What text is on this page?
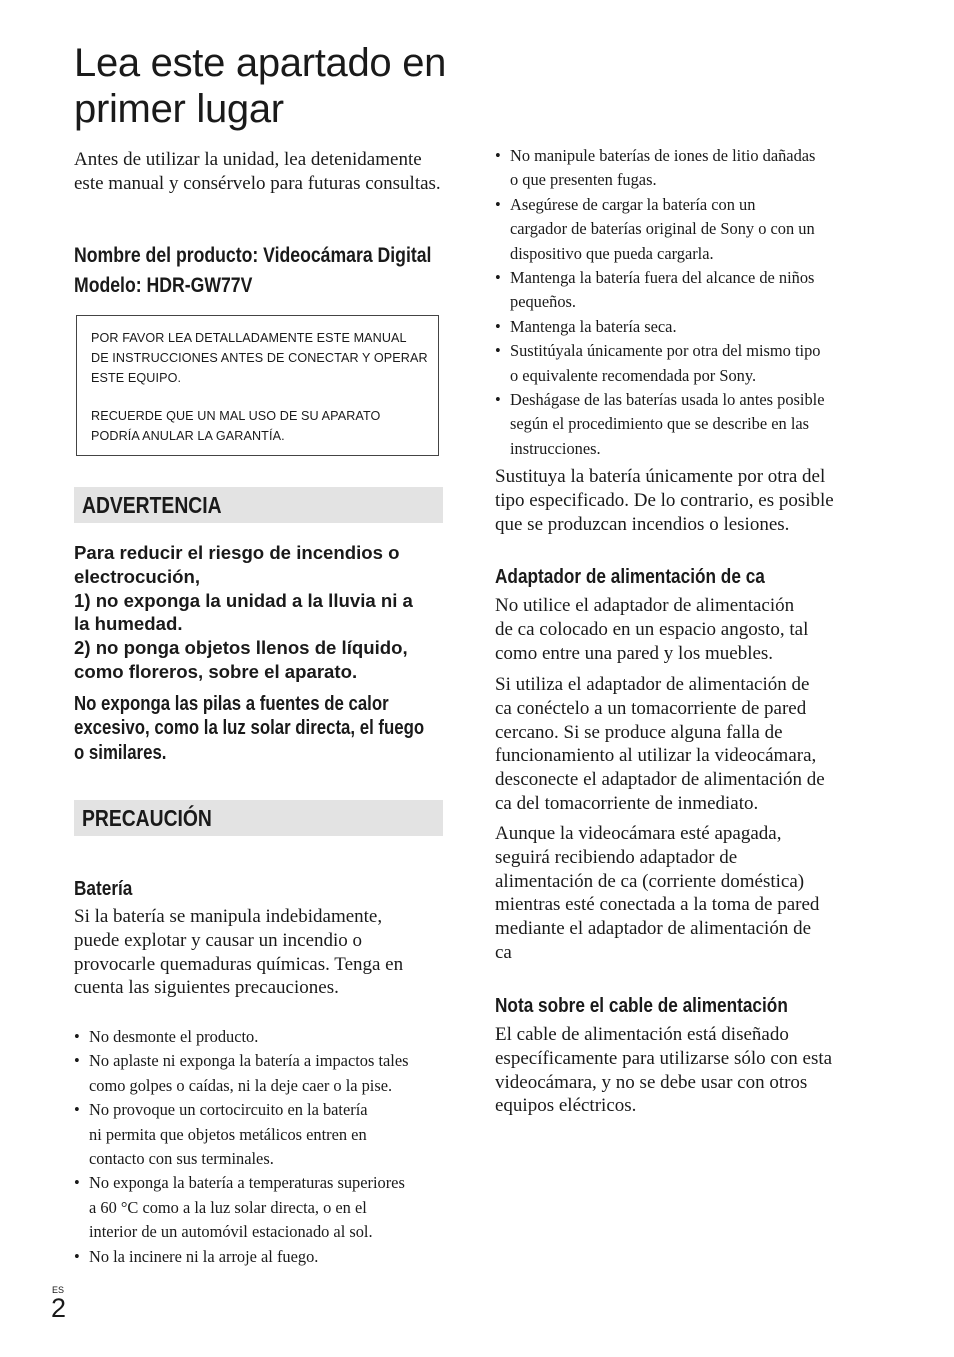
Lea este apartado en
primer lugar
Antes de utilizar la unidad, lea detenidamente este manual y consérvelo para futuras consultas.
Nombre del producto: Videocámara Digital
Modelo: HDR-GW77V

POR FAVOR LEA DETALLADAMENTE ESTE MANUAL

DE INSTRUCCIONES ANTES DE CONECTAR Y OPERAR

ESTE EQUIPO.

RECUERDE QUE UN MAL USO DE SU APARATO

PODRÍA ANULAR LA GARANTÍA.

ADVERTENCIA
Para reducir el riesgo de incendios o
electrocución,
1) no exponga la unidad a la lluvia ni a
la humedad.
2) no ponga objetos llenos de líquido,
como floreros, sobre el aparato.
No exponga las pilas a fuentes de calor
excesivo, como la luz solar directa, el fuego
o similares.
PRECAUCIÓN
Batería
Si la batería se manipula indebidamente,
puede explotar y causar un incendio o
provocarle quemaduras químicas. Tenga en
cuenta las siguientes precauciones.
• No desmonte el producto.
• No aplaste ni exponga la batería a impactos tales
como golpes o caídas, ni la deje caer o la pise.
• No provoque un cortocircuito en la batería
ni permita que objetos metálicos entren en
contacto con sus terminales.
• No exponga la batería a temperaturas superiores
a 60 °C como a la luz solar directa, o en el
interior de un automóvil estacionado al sol.
• No la incinere ni la arroje al fuego.
• No manipule baterías de iones de litio dañadas
o que presenten fugas.
• Asegúrese de cargar la batería con un
cargador de baterías original de Sony o con un
dispositivo que pueda cargarla.
• Mantenga la batería fuera del alcance de niños
pequeños.
• Mantenga la batería seca.
• Sustitúyala únicamente por otra del mismo tipo
o equivalente recomendada por Sony.
• Deshágase de las baterías usada lo antes posible
según el procedimiento que se describe en las
instrucciones.
Sustituya la batería únicamente por otra del
tipo especificado. De lo contrario, es posible
que se produzcan incendios o lesiones.
Adaptador de alimentación de ca
No utilice el adaptador de alimentación
de ca colocado en un espacio angosto, tal
como entre una pared y los muebles.
Si utiliza el adaptador de alimentación de
ca conéctelo a un tomacorriente de pared
cercano. Si se produce alguna falla de
funcionamiento al utilizar la videocámara,
desconecte el adaptador de alimentación de
ca del tomacorriente de inmediato.
Aunque la videocámara esté apagada,
seguirá recibiendo adaptador de
alimentación de ca (corriente doméstica)
mientras esté conectada a la toma de pared
mediante el adaptador de alimentación de
ca
Nota sobre el cable de alimentación
El cable de alimentación está diseñado
específicamente para utilizarse sólo con esta
videocámara, y no se debe usar con otros
equipos eléctricos.
ES
2
